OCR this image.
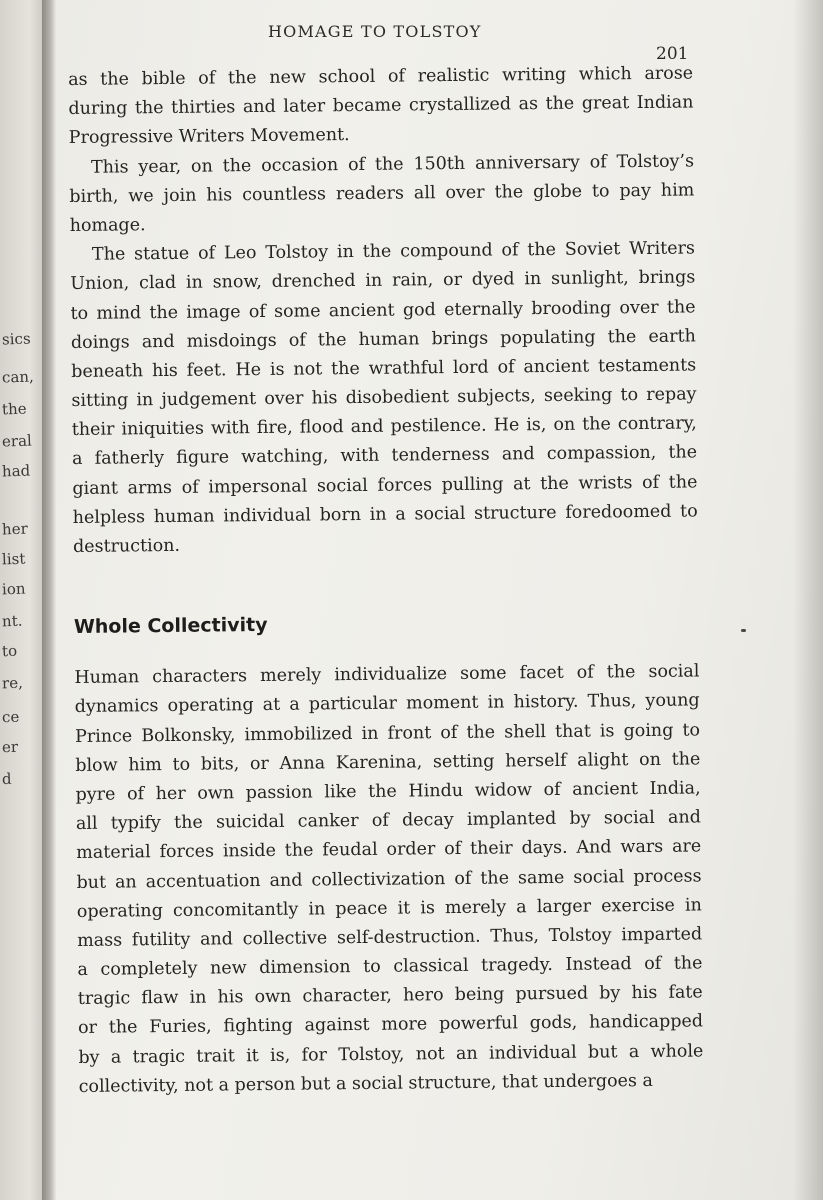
sics
can,
the
eral
had
her
list
ion
nt.
to
re,
ce
er
d
HOMAGE TO TOLSTOY
201
as the bible of the new school of realistic writing which arose
during the thirties and later became crystallized as the great Indian
Progressive Writers Movement.
This year, on the occasion of the 150th anniversary of Tolstoy’s
birth, we join his countless readers all over the globe to pay him
homage.
The statue of Leo Tolstoy in the compound of the Soviet Writers
Union, clad in snow, drenched in rain, or dyed in sunlight, brings
to mind the image of some ancient god eternally brooding over the
doings and misdoings of the human brings populating the earth
beneath his feet. He is not the wrathful lord of ancient testaments
sitting in judgement over his disobedient subjects, seeking to repay
their iniquities with fire, flood and pestilence. He is, on the contrary,
a fatherly figure watching, with tenderness and compassion, the
giant arms of impersonal social forces pulling at the wrists of the
helpless human individual born in a social structure foredoomed to
destruction.
Whole Collectivity
Human characters merely individualize some facet of the social
dynamics operating at a particular moment in history. Thus, young
Prince Bolkonsky, immobilized in front of the shell that is going to
blow him to bits, or Anna Karenina, setting herself alight on the
pyre of her own passion like the Hindu widow of ancient India,
all typify the suicidal canker of decay implanted by social and
material forces inside the feudal order of their days. And wars are
but an accentuation and collectivization of the same social process
operating concomitantly in peace it is merely a larger exercise in
mass futility and collective self-destruction. Thus, Tolstoy imparted
a completely new dimension to classical tragedy. Instead of the
tragic flaw in his own character, hero being pursued by his fate
or the Furies, fighting against more powerful gods, handicapped
by a tragic trait it is, for Tolstoy, not an individual but a whole
collectivity, not a person but a social structure, that undergoes a
